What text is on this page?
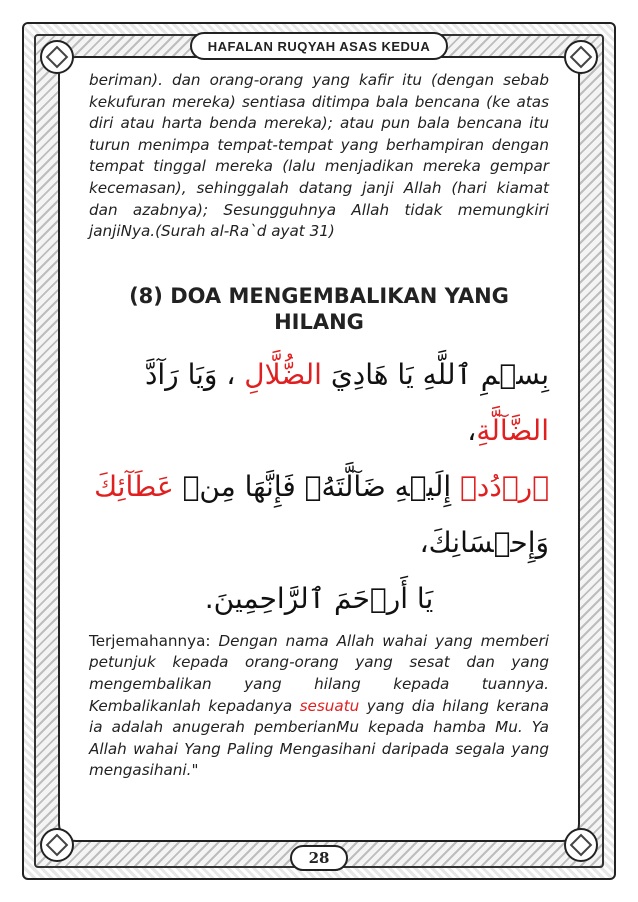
HAFALAN RUQYAH ASAS KEDUA

beriman). dan orang-orang yang kafir itu (dengan sebab kekufuran mereka) sentiasa ditimpa bala bencana (ke atas diri atau harta benda mereka); atau pun bala bencana itu turun menimpa tempat-tempat yang berhampiran dengan tempat tinggal mereka (lalu menjadikan mereka gempar kecemasan), sehinggalah datang janji Allah (hari kiamat dan azabnya); Sesungguhnya Allah tidak memungkiri janjiNya.(Surah al-Ra`d ayat 31)

(8) DOA MENGEMBALIKAN YANG HILANG

بِسۡمِ ٱللَّهِ يَا هَادِيَ الضُّلَّالِ ، وَيَا رَآدَّ الضَّآلَّةِ،

ٱرۡدُدۡ إِلَيۡهِ ضَآلَّتَهُۥ فَإِنَّهَا مِنۡ عَطَآئِكَ وَإِحۡسَانِكَ،

يَا أَرۡحَمَ ٱلرَّاحِمِينَ.

Terjemahannya: Dengan nama Allah wahai yang memberi petunjuk kepada orang-orang yang sesat dan yang mengembalikan yang hilang kepada tuannya. Kembalikanlah kepadanya sesuatu yang dia hilang kerana ia adalah anugerah pemberianMu kepada hamba Mu. Ya Allah wahai Yang Paling Mengasihani daripada segala yang mengasihani."

28
